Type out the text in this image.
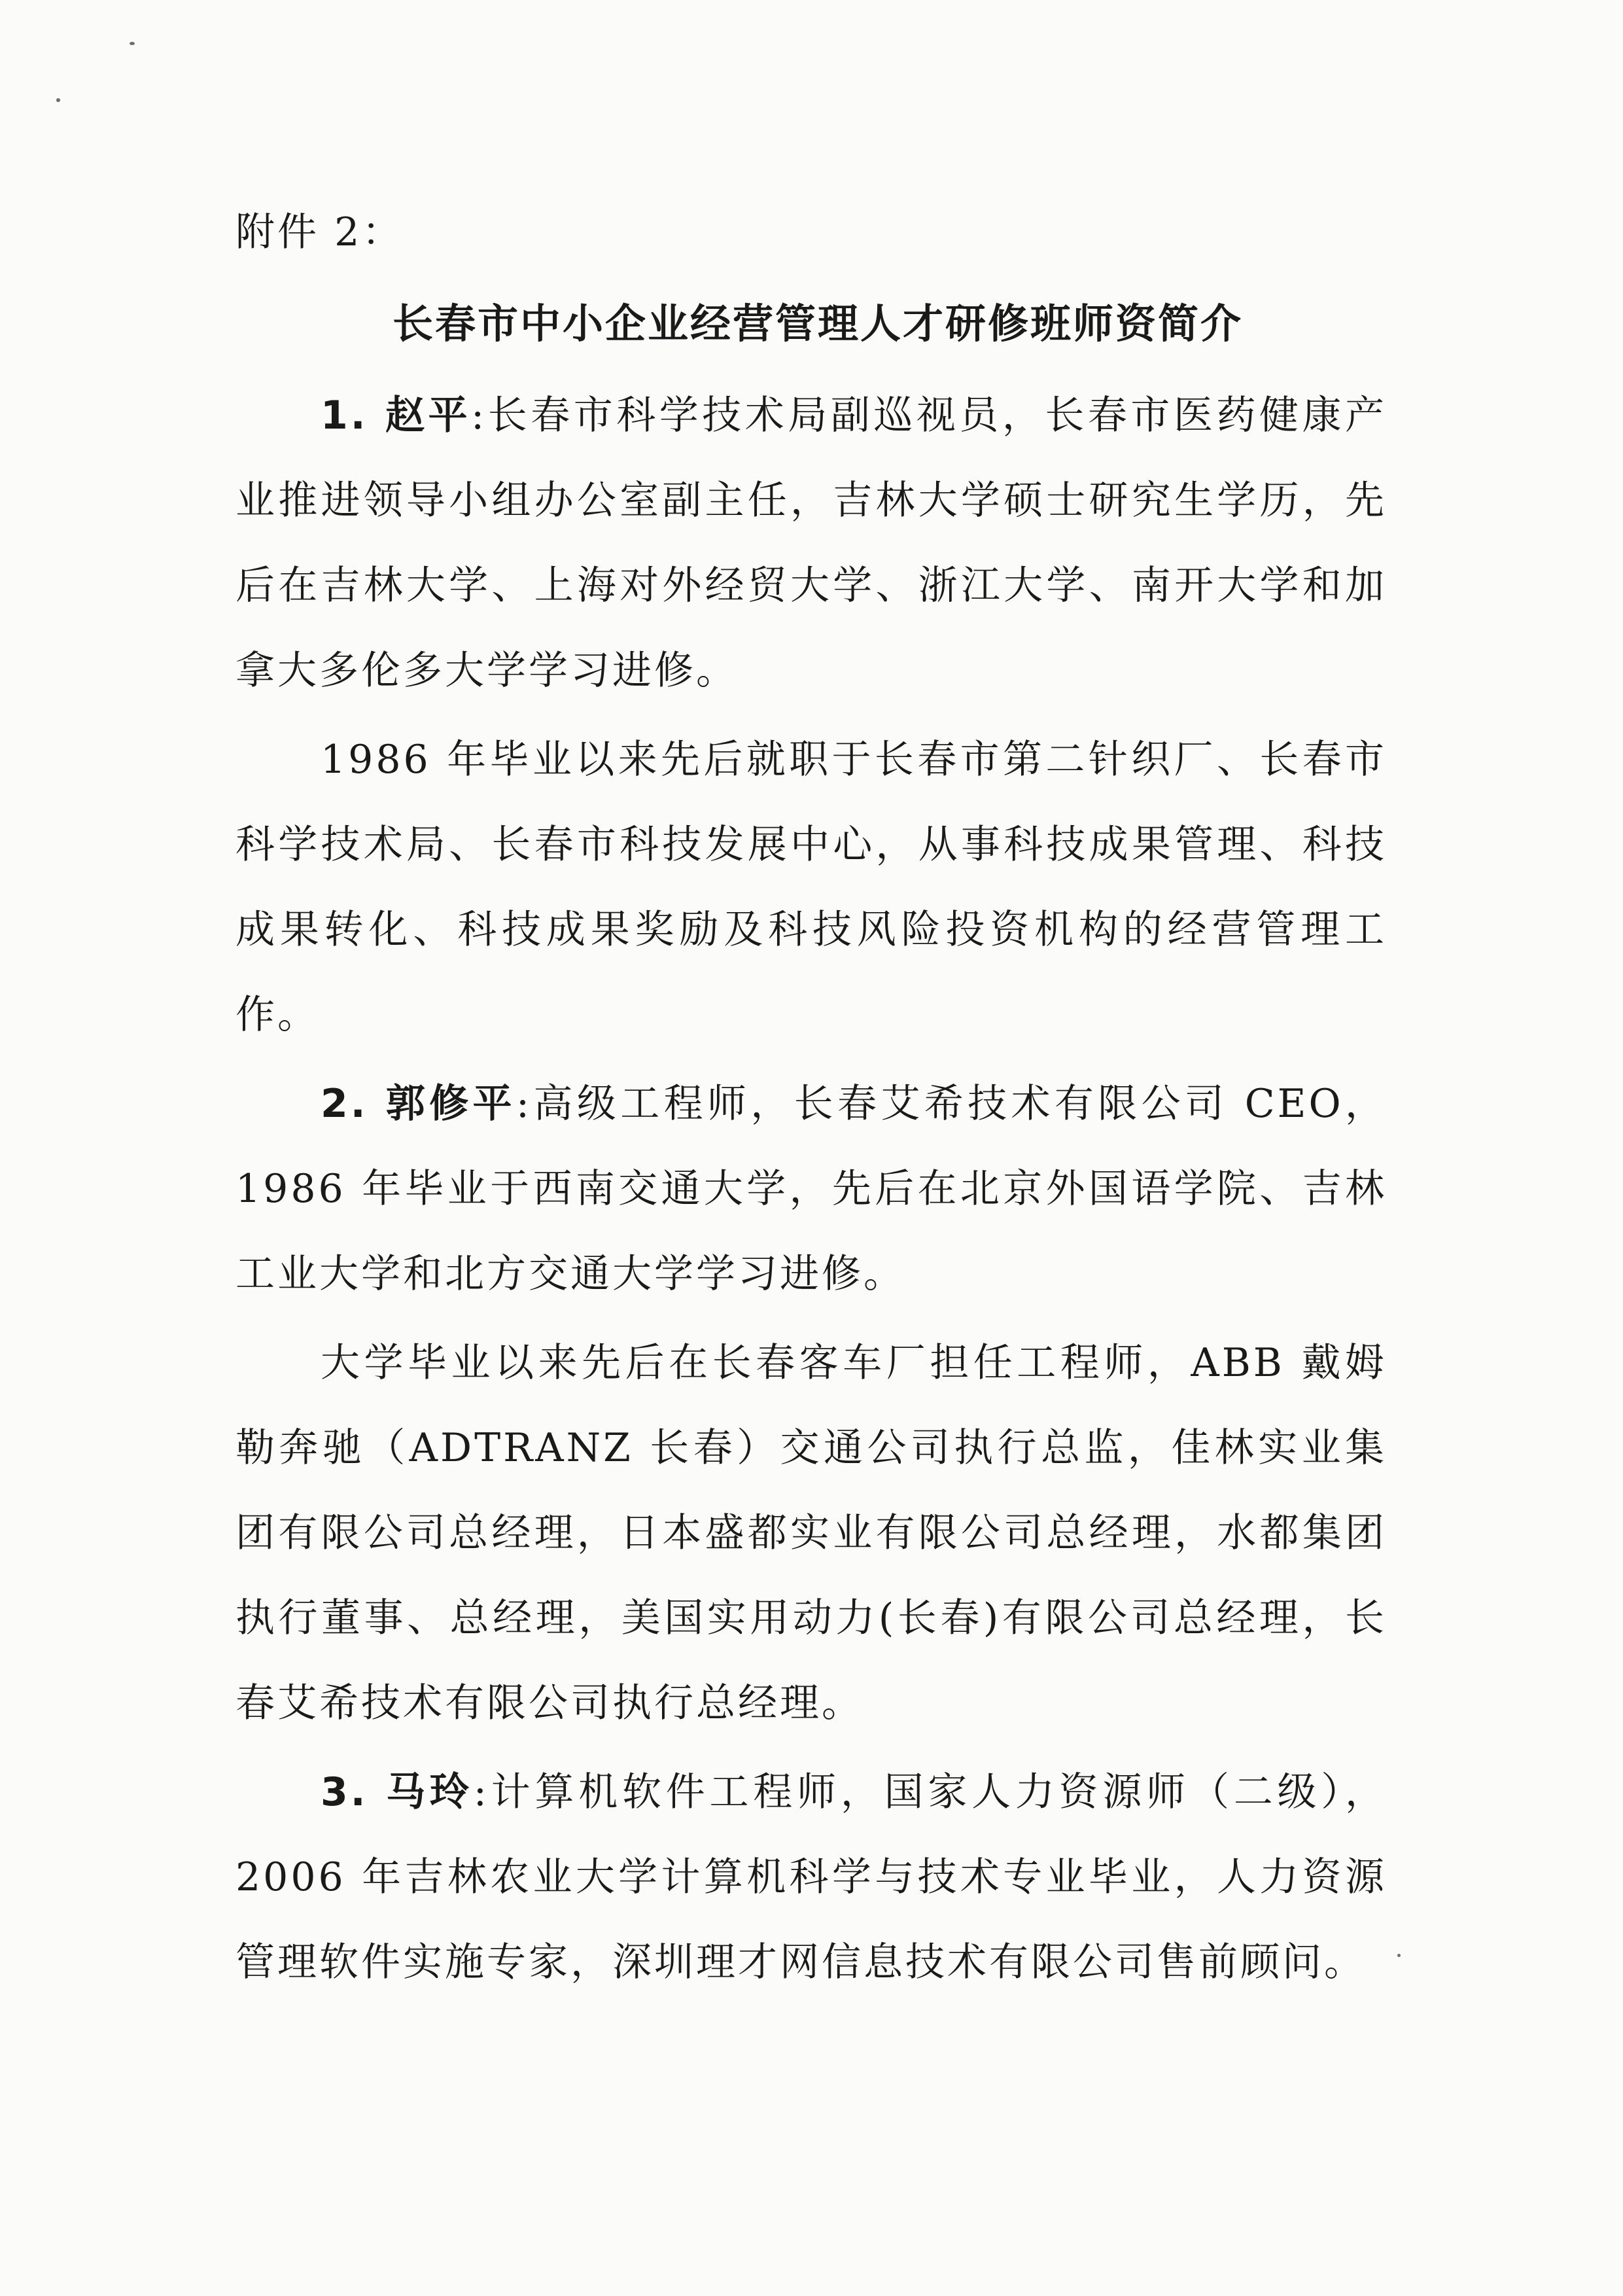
附件 2：

长春市中小企业经营管理人才研修班师资简介

1. 赵平:长春市科学技术局副巡视员，长春市医药健康产业推进领导小组办公室副主任，吉林大学硕士研究生学历，先后在吉林大学、上海对外经贸大学、浙江大学、南开大学和加拿大多伦多大学学习进修。

1986 年毕业以来先后就职于长春市第二针织厂、长春市科学技术局、长春市科技发展中心，从事科技成果管理、科技成果转化、科技成果奖励及科技风险投资机构的经营管理工作。

2. 郭修平:高级工程师，长春艾希技术有限公司 CEO，1986 年毕业于西南交通大学，先后在北京外国语学院、吉林工业大学和北方交通大学学习进修。

大学毕业以来先后在长春客车厂担任工程师，ABB 戴姆勒奔驰（ADTRANZ 长春）交通公司执行总监，佳林实业集团有限公司总经理，日本盛都实业有限公司总经理，水都集团执行董事、总经理，美国实用动力(长春)有限公司总经理，长春艾希技术有限公司执行总经理。

3. 马玲:计算机软件工程师，国家人力资源师（二级），2006 年吉林农业大学计算机科学与技术专业毕业，人力资源管理软件实施专家，深圳理才网信息技术有限公司售前顾问。
